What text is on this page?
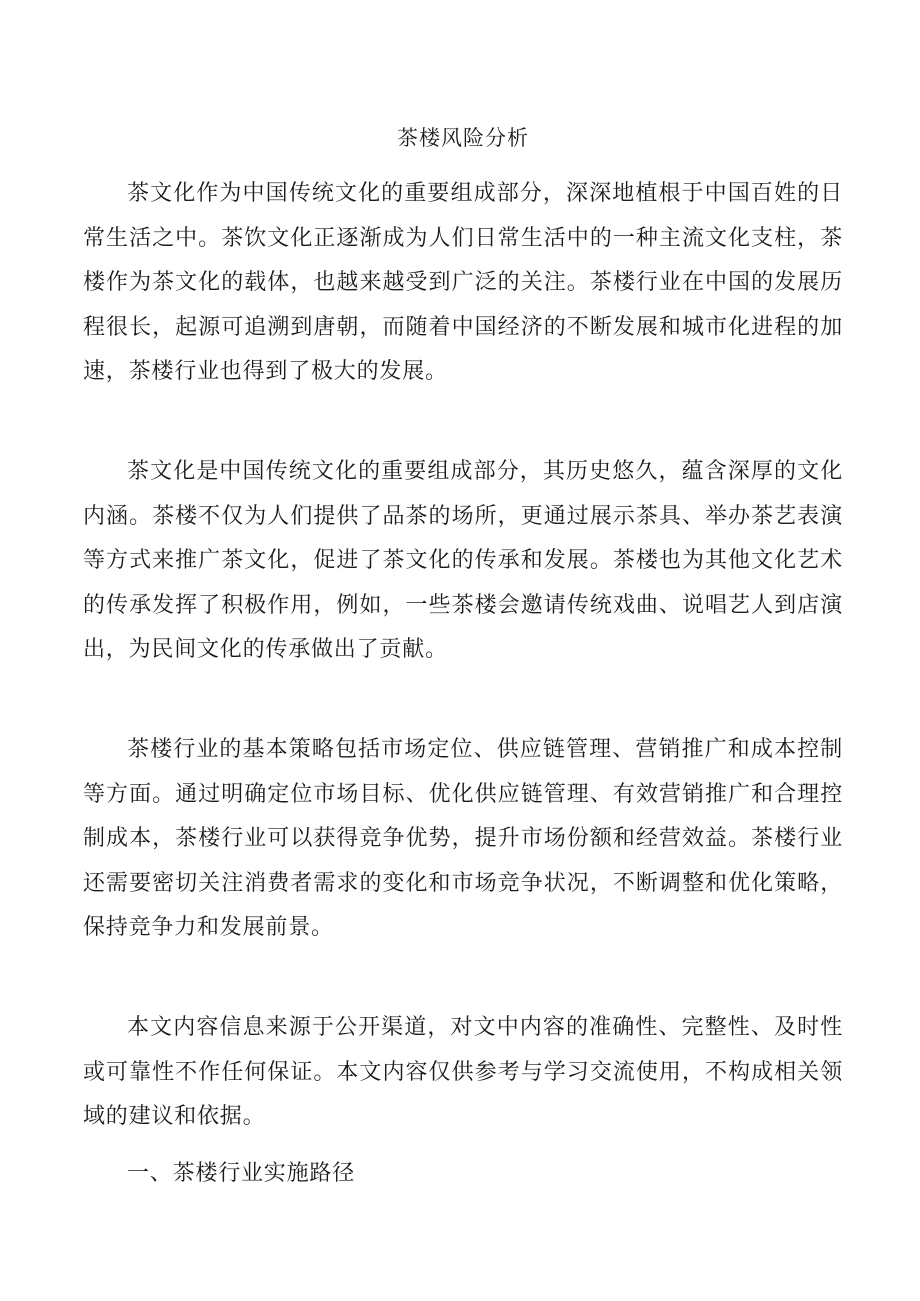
茶楼风险分析

茶文化作为中国传统文化的重要组成部分，深深地植根于中国百姓的日常生活之中。茶饮文化正逐渐成为人们日常生活中的一种主流文化支柱，茶楼作为茶文化的载体，也越来越受到广泛的关注。茶楼行业在中国的发展历程很长，起源可追溯到唐朝，而随着中国经济的不断发展和城市化进程的加速，茶楼行业也得到了极大的发展。

茶文化是中国传统文化的重要组成部分，其历史悠久，蕴含深厚的文化内涵。茶楼不仅为人们提供了品茶的场所，更通过展示茶具、举办茶艺表演等方式来推广茶文化，促进了茶文化的传承和发展。茶楼也为其他文化艺术的传承发挥了积极作用，例如，一些茶楼会邀请传统戏曲、说唱艺人到店演出，为民间文化的传承做出了贡献。

茶楼行业的基本策略包括市场定位、供应链管理、营销推广和成本控制等方面。通过明确定位市场目标、优化供应链管理、有效营销推广和合理控制成本，茶楼行业可以获得竞争优势，提升市场份额和经营效益。茶楼行业还需要密切关注消费者需求的变化和市场竞争状况，不断调整和优化策略，保持竞争力和发展前景。

本文内容信息来源于公开渠道，对文中内容的准确性、完整性、及时性或可靠性不作任何保证。本文内容仅供参考与学习交流使用，不构成相关领域的建议和依据。

一、茶楼行业实施路径
